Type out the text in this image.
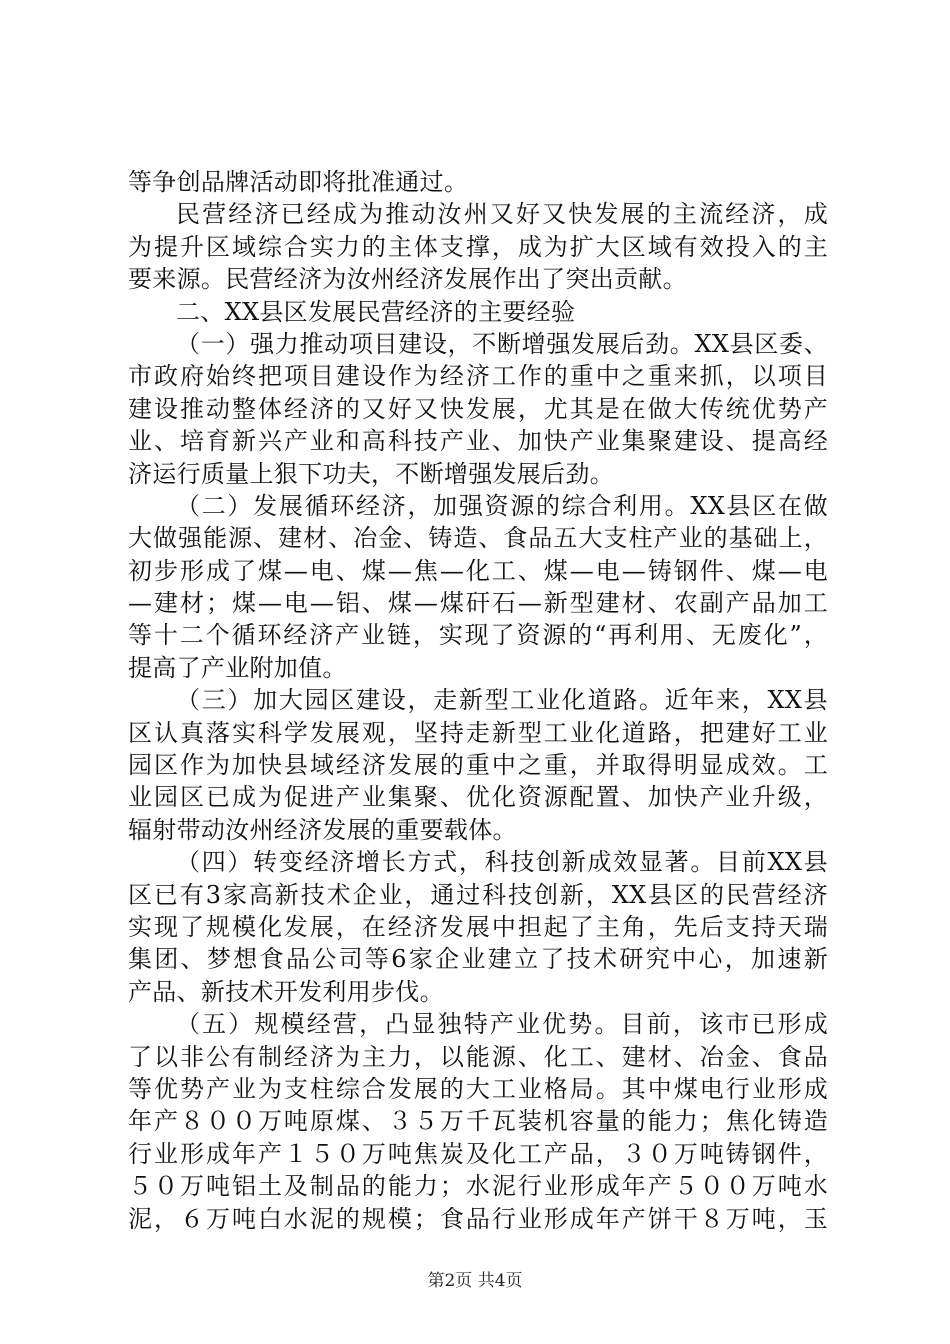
等争创品牌活动即将批准通过。
民营经济已经成为推动汝州又好又快发展的主流经济，成
为提升区域综合实力的主体支撑，成为扩大区域有效投入的主
要来源。民营经济为汝州经济发展作出了突出贡献。
二、XX县区发展民营经济的主要经验
（一）强力推动项目建设，不断增强发展后劲。XX县区委、
市政府始终把项目建设作为经济工作的重中之重来抓，以项目
建设推动整体经济的又好又快发展，尤其是在做大传统优势产
业、培育新兴产业和高科技产业、加快产业集聚建设、提高经
济运行质量上狠下功夫，不断增强发展后劲。
（二）发展循环经济，加强资源的综合利用。XX县区在做
大做强能源、建材、冶金、铸造、食品五大支柱产业的基础上，
初步形成了煤—电、煤—焦—化工、煤—电—铸钢件、煤—电
—建材；煤—电—铝、煤—煤矸石—新型建材、农副产品加工
等十二个循环经济产业链，实现了资源的“再利用、无废化”，
提高了产业附加值。
（三）加大园区建设，走新型工业化道路。近年来，XX县
区认真落实科学发展观，坚持走新型工业化道路，把建好工业
园区作为加快县域经济发展的重中之重，并取得明显成效。工
业园区已成为促进产业集聚、优化资源配置、加快产业升级，
辐射带动汝州经济发展的重要载体。
（四）转变经济增长方式，科技创新成效显著。目前XX县
区已有3家高新技术企业，通过科技创新，XX县区的民营经济
实现了规模化发展，在经济发展中担起了主角，先后支持天瑞
集团、梦想食品公司等6家企业建立了技术研究中心，加速新
产品、新技术开发利用步伐。
（五）规模经营，凸显独特产业优势。目前，该市已形成
了以非公有制经济为主力，以能源、化工、建材、冶金、食品
等优势产业为支柱综合发展的大工业格局。其中煤电行业形成
年产８００万吨原煤、３５万千瓦装机容量的能力；焦化铸造
行业形成年产１５０万吨焦炭及化工产品，３０万吨铸钢件，
５０万吨铝土及制品的能力；水泥行业形成年产５００万吨水
泥，６万吨白水泥的规模；食品行业形成年产饼干８万吨，玉
第2页 共4页
